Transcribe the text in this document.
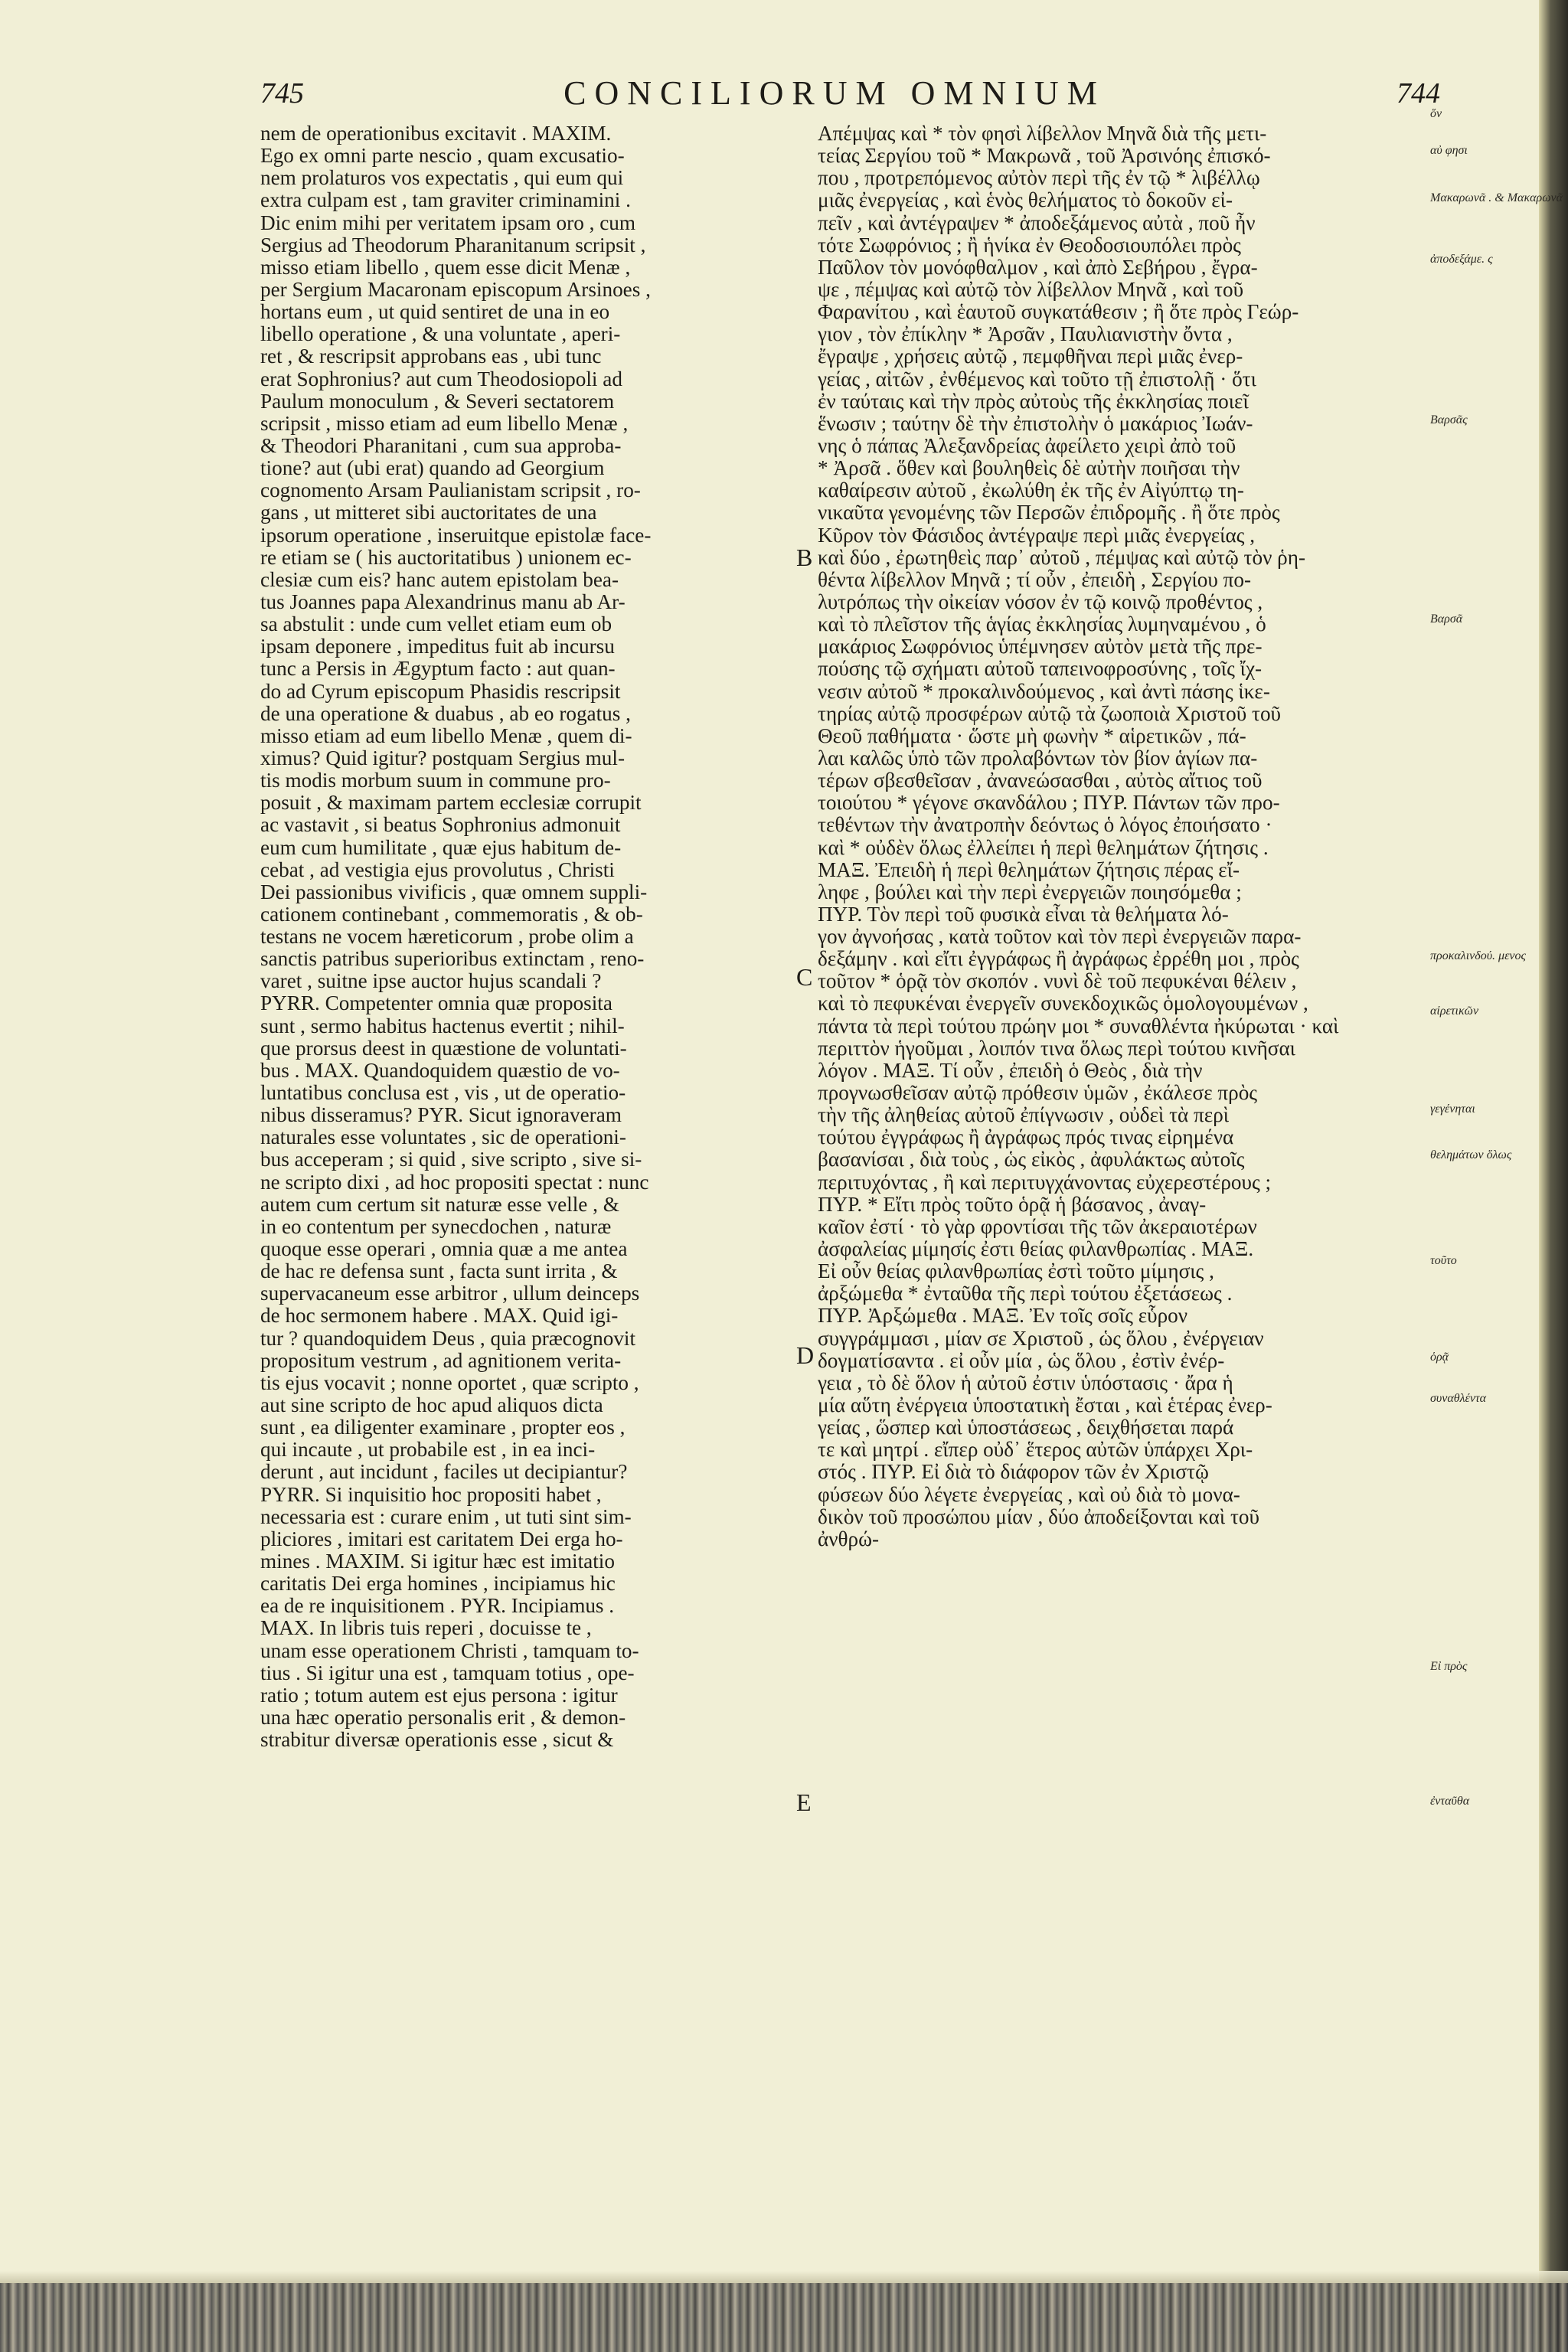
745	CONCILIORUM OMNIUM	744
nem de operationibus excitavit . MAXIM.
Ego ex omni parte nescio , quam excusatio-
nem prolaturos vos expectatis , qui eum qui
extra culpam est , tam graviter criminamini .
Dic enim mihi per veritatem ipsam oro , cum
Sergius ad Theodorum Pharanitanum scripsit ,
misso etiam libello , quem esse dicit Menæ ,
per Sergium Macaronam episcopum Arsinoes ,
hortans eum , ut quid sentiret de una in eo
libello operatione , & una voluntate , aperi-
ret , & rescripsit approbans eas , ubi tunc
erat Sophronius? aut cum Theodosiopoli ad
Paulum monoculum , & Severi sectatorem
scripsit , misso etiam ad eum libello Menæ ,
& Theodori Pharanitani , cum sua approba-
tione? aut (ubi erat) quando ad Georgium
cognomento Arsam Paulianistam scripsit , ro-
gans , ut mitteret sibi auctoritates de una
ipsorum operatione , inseruitque epistolæ face-
re etiam se ( his auctoritatibus ) unionem ec-
clesiæ cum eis? hanc autem epistolam bea-
tus Joannes papa Alexandrinus manu ab Ar-
sa abstulit : unde cum vellet etiam eum ob
ipsam deponere , impeditus fuit ab incursu
tunc a Persis in Ægyptum facto : aut quan-
do ad Cyrum episcopum Phasidis rescripsit
de una operatione & duabus , ab eo rogatus ,
misso etiam ad eum libello Menæ , quem di-
ximus? Quid igitur? postquam Sergius mul-
tis modis morbum suum in commune pro-
posuit , & maximam partem ecclesiæ corrupit
ac vastavit , si beatus Sophronius admonuit
eum cum humilitate , quæ ejus habitum de-
cebat , ad vestigia ejus provolutus , Christi
Dei passionibus vivificis , quæ omnem suppli-
cationem continebant , commemoratis , & ob-
testans ne vocem hæreticorum , probe olim a
sanctis patribus superioribus extinctam , reno-
varet , suitne ipse auctor hujus scandali ?
PYRR. Competenter omnia quæ proposita
sunt , sermo habitus hactenus evertit ; nihil-
que prorsus deest in quæstione de voluntati-
bus . MAX. Quandoquidem quæstio de vo-
luntatibus conclusa est , vis , ut de operatio-
nibus disseramus? PYR. Sicut ignoraveram
naturales esse voluntates , sic de operationi-
bus acceperam ; si quid , sive scripto , sive si-
ne scripto dixi , ad hoc propositi spectat : nunc
autem cum certum sit naturæ esse velle , &
in eo contentum per synecdochen , naturæ
quoque esse operari , omnia quæ a me antea
de hac re defensa sunt , facta sunt irrita , &
supervacaneum esse arbitror , ullum deinceps
de hoc sermonem habere . MAX. Quid igi-
tur ? quandoquidem Deus , quia præcognovit
propositum vestrum , ad agnitionem verita-
tis ejus vocavit ; nonne oportet , quæ scripto ,
aut sine scripto de hoc apud aliquos dicta
sunt , ea diligenter examinare , propter eos ,
qui incaute , ut probabile est , in ea inci-
derunt , aut incidunt , faciles ut decipiantur?
PYRR. Si inquisitio hoc propositi habet ,
necessaria est : curare enim , ut tuti sint sim-
pliciores , imitari est caritatem Dei erga ho-
mines . MAXIM. Si igitur hæc est imitatio
caritatis Dei erga homines , incipiamus hic
ea de re inquisitionem . PYR. Incipiamus .
MAX. In libris tuis reperi , docuisse te ,
unam esse operationem Christi , tamquam to-
tius . Si igitur una est , tamquam totius , ope-
ratio ; totum autem est ejus persona : igitur
una hæc operatio personalis erit , & demon-
strabitur diversæ operationis esse , sicut &
Απέμψας καὶ * τὸν φησὶ λίβελλον Μηνᾶ διὰ τῆς μετι-
τείας Σεργίου τοῦ * Μακρωνᾶ , τοῦ Ἀρσινόης ἐπισκό-
που , προτρεπόμενος αὐτὸν περὶ τῆς ἐν τῷ * λιβέλλῳ
μιᾶς ἐνεργείας , καὶ ἑνὸς θελήματος τὸ δοκοῦν εἰ-
πεῖν , καὶ ἀντέγραψεν * ἀποδεξάμενος αὐτὰ , ποῦ ἦν
τότε Σωφρόνιος ; ἢ ἡνίκα ἐν Θεοδοσιουπόλει πρὸς
Παῦλον τὸν μονόφθαλμον , καὶ ἀπὸ Σεβήρου , ἔγρα-
ψε , πέμψας καὶ αὐτῷ τὸν λίβελλον Μηνᾶ , καὶ τοῦ
Φαρανίτου , καὶ ἑαυτοῦ συγκατάθεσιν ; ἢ ὅτε πρὸς Γεώρ-
γιον , τὸν ἐπίκλην * Ἀρσᾶν , Παυλιανιστὴν ὄντα ,
ἔγραψε , χρήσεις αὐτῷ , πεμφθῆναι περὶ μιᾶς ἐνερ-
γείας , αἰτῶν , ἐνθέμενος καὶ τοῦτο τῇ ἐπιστολῇ · ὅτι
ἐν ταύταις καὶ τὴν πρὸς αὐτοὺς τῆς ἐκκλησίας ποιεῖ
ἕνωσιν ; ταύτην δὲ τὴν ἐπιστολὴν ὁ μακάριος Ἰωάν-
νης ὁ πάπας Ἀλεξανδρείας ἀφείλετο χειρὶ ἀπὸ τοῦ
* Ἀρσᾶ . ὅθεν καὶ βουληθεὶς δὲ αὐτὴν ποιῆσαι τὴν
καθαίρεσιν αὐτοῦ , ἐκωλύθη ἐκ τῆς ἐν Αἰγύπτῳ τη-
νικαῦτα γενομένης τῶν Περσῶν ἐπιδρομῆς . ἢ ὅτε πρὸς
Κῦρον τὸν Φάσιδος ἀντέγραψε περὶ μιᾶς ἐνεργείας ,
καὶ δύο , ἐρωτηθεὶς παρ᾽ αὐτοῦ , πέμψας καὶ αὐτῷ τὸν ῥη-
θέντα λίβελλον Μηνᾶ ; τί οὖν , ἐπειδὴ , Σεργίου πο-
λυτρόπως τὴν οἰκείαν νόσον ἐν τῷ κοινῷ προθέντος ,
καὶ τὸ πλεῖστον τῆς ἁγίας ἐκκλησίας λυμηναμένου , ὁ
μακάριος Σωφρόνιος ὑπέμνησεν αὐτὸν μετὰ τῆς πρε-
πούσης τῷ σχήματι αὐτοῦ ταπεινοφροσύνης , τοῖς ἴχ-
νεσιν αὐτοῦ * προκαλινδούμενος , καὶ ἀντὶ πάσης ἱκε-
τηρίας αὐτῷ προσφέρων αὐτῷ τὰ ζωοποιὰ Χριστοῦ τοῦ
Θεοῦ παθήματα · ὥστε μὴ φωνὴν * αἱρετικῶν , πά-
λαι καλῶς ὑπὸ τῶν προλαβόντων τὸν βίον ἁγίων πα-
τέρων σβεσθεῖσαν , ἀνανεώσασθαι , αὐτὸς αἴτιος τοῦ
τοιούτου * γέγονε σκανδάλου ; ΠΥΡ. Πάντων τῶν προ-
τεθέντων τὴν ἀνατροπὴν δεόντως ὁ λόγος ἐποιήσατο ·
καὶ * οὐδὲν ὅλως ἐλλείπει ἡ περὶ θελημάτων ζήτησις .
ΜΑΞ. Ἐπειδὴ ἡ περὶ θελημάτων ζήτησις πέρας εἴ-
ληφε , βούλει καὶ τὴν περὶ ἐνεργειῶν ποιησόμεθα ;
ΠΥΡ. Τὸν περὶ τοῦ φυσικὰ εἶναι τὰ θελήματα λό-
γον ἀγνοήσας , κατὰ τοῦτον καὶ τὸν περὶ ἐνεργειῶν παρα-
δεξάμην . καὶ εἴτι ἐγγράφως ἢ ἀγράφως ἐρρέθη μοι , πρὸς
τοῦτον * ὁρᾷ τὸν σκοπόν . νυνὶ δὲ τοῦ πεφυκέναι θέλειν ,
καὶ τὸ πεφυκέναι ἐνεργεῖν συνεκδοχικῶς ὁμολογουμένων ,
πάντα τὰ περὶ τούτου πρώην μοι * συναθλέντα ἠκύρωται · καὶ
περιττὸν ἡγοῦμαι , λοιπόν τινα ὅλως περὶ τούτου κινῆσαι
λόγον . ΜΑΞ. Τί οὖν , ἐπειδὴ ὁ Θεὸς , διὰ τὴν
προγνωσθεῖσαν αὐτῷ πρόθεσιν ὑμῶν , ἐκάλεσε πρὸς
τὴν τῆς ἀληθείας αὐτοῦ ἐπίγνωσιν , οὐδεὶ τὰ περὶ
τούτου ἐγγράφως ἢ ἀγράφως πρός τινας εἰρημένα
βασανίσαι , διὰ τοὺς , ὡς εἰκὸς , ἀφυλάκτως αὐτοῖς
περιτυχόντας , ἢ καὶ περιτυγχάνοντας εὐχερεστέρους ;
ΠΥΡ. * Εἴτι πρὸς τοῦτο ὁρᾷ ἡ βάσανος , ἀναγ-
καῖον ἐστί · τὸ γὰρ φροντίσαι τῆς τῶν ἀκεραιοτέρων
ἀσφαλείας μίμησίς ἐστι θείας φιλανθρωπίας . ΜΑΞ.
Εἰ οὖν θείας φιλανθρωπίας ἐστὶ τοῦτο μίμησις ,
ἀρξώμεθα * ἐνταῦθα τῆς περὶ τούτου ἐξετάσεως .
ΠΥΡ. Ἀρξώμεθα . ΜΑΞ. Ἐν τοῖς σοῖς εὗρον
συγγράμμασι , μίαν σε Χριστοῦ , ὡς ὅλου , ἐνέργειαν
δογματίσαντα . εἰ οὖν μία , ὡς ὅλου , ἐστὶν ἐνέρ-
γεια , τὸ δὲ ὅλον ἡ αὐτοῦ ἐστιν ὑπόστασις · ἄρα ἡ
μία αὕτη ἐνέργεια ὑποστατικὴ ἔσται , καὶ ἑτέρας ἐνερ-
γείας , ὥσπερ καὶ ὑποστάσεως , δειχθήσεται παρά
τε καὶ μητρί . εἴπερ οὐδ᾽ ἕτερος αὐτῶν ὑπάρχει Χρι-
στός . ΠΥΡ. Εἰ διὰ τὸ διάφορον τῶν ἐν Χριστῷ
φύσεων δύο λέγετε ἐνεργείας , καὶ οὐ διὰ τὸ μονα-
δικὸν τοῦ προσώπου μίαν , δύο ἀποδείξονται καὶ τοῦ
ἀνθρώ-
B
C
D
E
ὅν
αὐ φησι
Μακαρωνᾶ . & Μακαρωνᾶ
ἀποδεξάμε. ς
Βαρσᾶς
Βαρσᾶ
προκαλινδού. μενος
αἱρετικῶν
γεγένηται
θελημάτων ὅλως
τοῦτο
ὁρᾷ
συναθλέντα
Εἰ πρὸς
ἐνταῦθα
